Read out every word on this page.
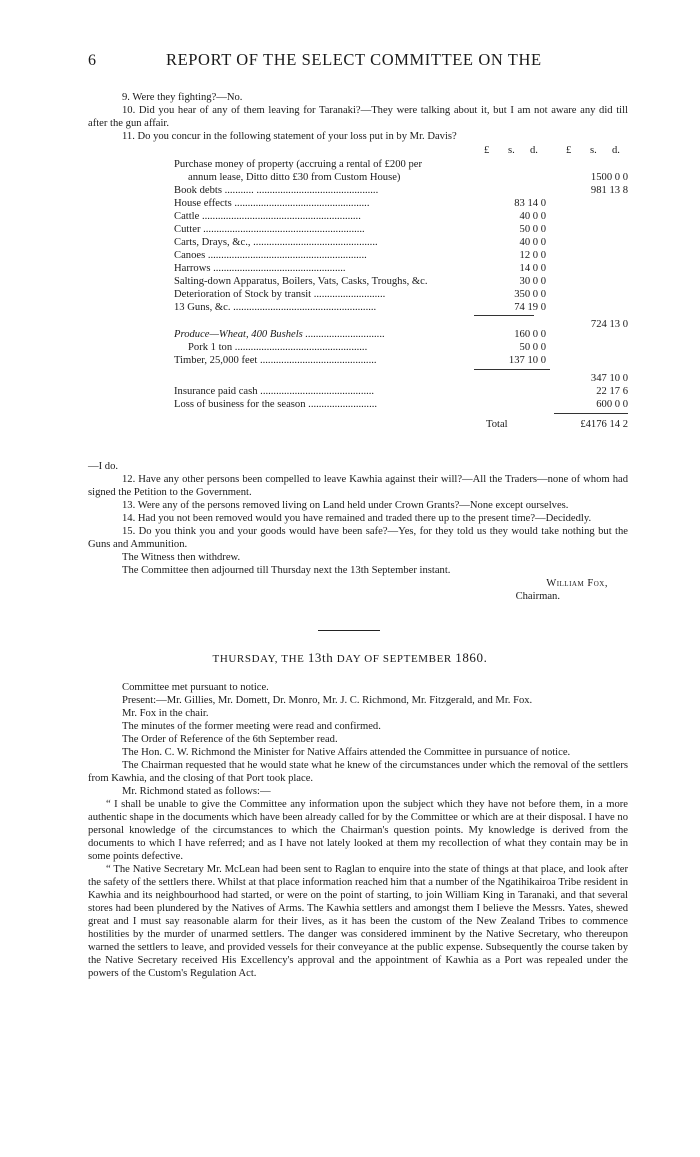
6	REPORT OF THE SELECT COMMITTEE ON THE

9. Were they fighting?—No.

10. Did you hear of any of them leaving for Taranaki?—They were talking about it, but I am not aware any did till after the gun affair.

11. Do you concur in the following statement of your loss put in by Mr. Davis?

£ s. d.	£ s. d.
Purchase money of property (accruing a rental of £200 per
annum lease, Ditto ditto £30 from Custom House)	1500 0 0
Book debts ........... ..............................................	981 13 8
House effects ...................................................	83 14 0
Cattle ............................................................	40 0 0
Cutter .............................................................	50 0 0
Carts, Drays, &c., ...............................................	40 0 0
Canoes ............................................................	12 0 0
Harrows ..................................................	14 0 0
Salting-down Apparatus, Boilers, Vats, Casks, Troughs, &c.	30 0 0
Deterioration of Stock by transit ...........................	350 0 0
13 Guns, &c. ......................................................	74 19 0
724 13 0
Produce—Wheat, 400 Bushels ..............................	160 0 0
Pork 1 ton ..................................................	50 0 0
Timber, 25,000 feet ............................................	137 10 0
347 10 0
Insurance paid cash ...........................................	22 17 6
Loss of business for the season ..........................	600 0 0
Total	£4176 14 2

—I do.

12. Have any other persons been compelled to leave Kawhia against their will?—All the Traders—none of whom had signed the Petition to the Government.

13. Were any of the persons removed living on Land held under Crown Grants?—None except ourselves.

14. Had you not been removed would you have remained and traded there up to the present time?—Decidedly.

15. Do you think you and your goods would have been safe?—Yes, for they told us they would take nothing but the Guns and Ammunition.

The Witness then withdrew.

The Committee then adjourned till Thursday next the 13th September instant.

William Fox,

Chairman.

THURSDAY, THE 13th DAY OF SEPTEMBER 1860.

Committee met pursuant to notice.

Present:—Mr. Gillies, Mr. Domett, Dr. Monro, Mr. J. C. Richmond, Mr. Fitzgerald, and Mr. Fox.

Mr. Fox in the chair.

The minutes of the former meeting were read and confirmed.

The Order of Reference of the 6th September read.

The Hon. C. W. Richmond the Minister for Native Affairs attended the Committee in pursuance of notice.

The Chairman requested that he would state what he knew of the circumstances under which the removal of the settlers from Kawhia, and the closing of that Port took place.

Mr. Richmond stated as follows:—

“ I shall be unable to give the Committee any information upon the subject which they have not before them, in a more authentic shape in the documents which have been already called for by the Committee or which are at their disposal. I have no personal knowledge of the circumstances to which the Chairman's question points. My knowledge is derived from the documents to which I have referred; and as I have not lately looked at them my recollection of what they contain may be in some points defective.

“ The Native Secretary Mr. McLean had been sent to Raglan to enquire into the state of things at that place, and look after the safety of the settlers there. Whilst at that place information reached him that a number of the Ngatihikairoa Tribe resident in Kawhia and its neighbourhood had started, or were on the point of starting, to join William King in Taranaki, and that several stores had been plundered by the Natives of Arms. The Kawhia settlers and amongst them I believe the Messrs. Yates, shewed great and I must say reasonable alarm for their lives, as it has been the custom of the New Zealand Tribes to commence hostilities by the murder of unarmed settlers. The danger was considered imminent by the Native Secretary, who thereupon warned the settlers to leave, and provided vessels for their conveyance at the public expense. Subsequently the course taken by the Native Secretary received His Excellency's approval and the appointment of Kawhia as a Port was repealed under the powers of the Custom's Regulation Act.
